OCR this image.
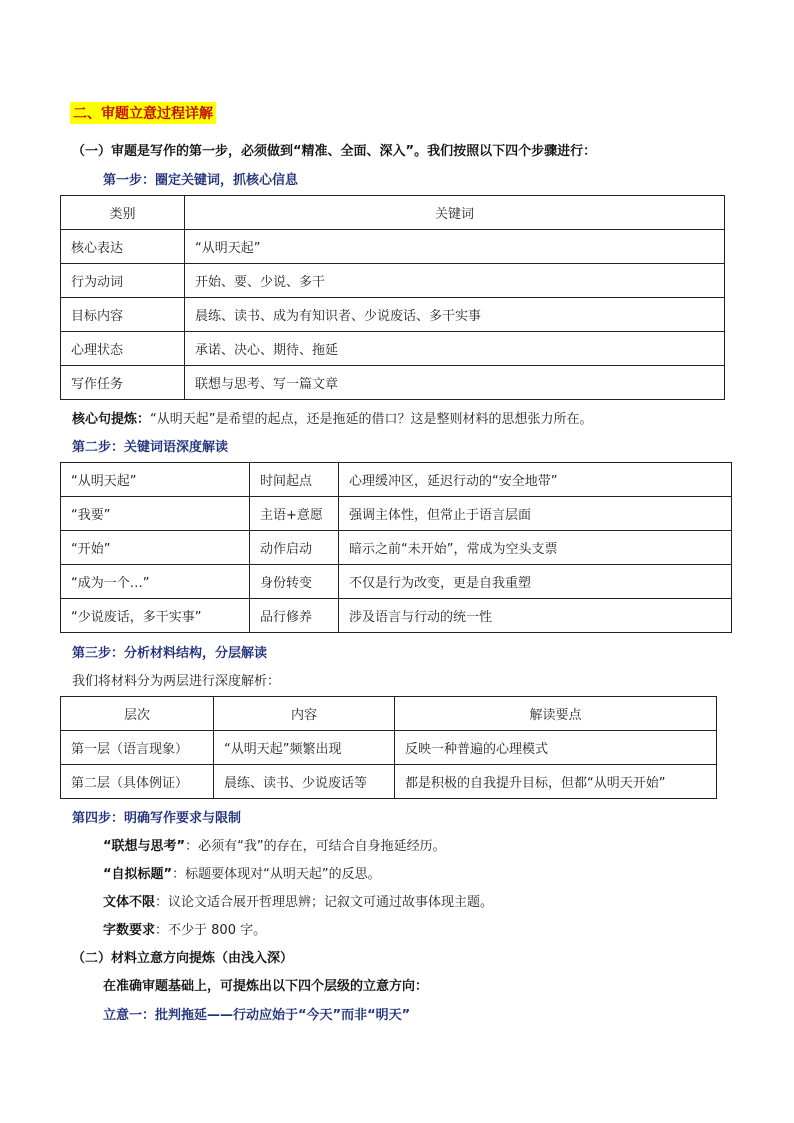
二、审题立意过程详解
（一）审题是写作的第一步，必须做到“精准、全面、深入”。我们按照以下四个步骤进行：
第一步：圈定关键词，抓核心信息
类别	关键词
核心表达	“从明天起”
行为动词	开始、要、少说、多干
目标内容	晨练、读书、成为有知识者、少说废话、多干实事
心理状态	承诺、决心、期待、拖延
写作任务	联想与思考、写一篇文章
核心句提炼：“从明天起”是希望的起点，还是拖延的借口？这是整则材料的思想张力所在。
第二步：关键词语深度解读
“从明天起”	时间起点	心理缓冲区，延迟行动的“安全地带”
“我要”	主语+意愿	强调主体性，但常止于语言层面
“开始”	动作启动	暗示之前“未开始”，常成为空头支票
“成为一个…”	身份转变	不仅是行为改变，更是自我重塑
“少说废话，多干实事”	品行修养	涉及语言与行动的统一性
第三步：分析材料结构，分层解读
我们将材料分为两层进行深度解析：
层次	内容	解读要点
第一层（语言现象）	“从明天起”频繁出现	反映一种普遍的心理模式
第二层（具体例证）	晨练、读书、少说废话等	都是积极的自我提升目标，但都“从明天开始”
第四步：明确写作要求与限制
“联想与思考”：必须有“我”的存在，可结合自身拖延经历。
“自拟标题”：标题要体现对“从明天起”的反思。
文体不限：议论文适合展开哲理思辨；记叙文可通过故事体现主题。
字数要求：不少于 800 字。
（二）材料立意方向提炼（由浅入深）
在准确审题基础上，可提炼出以下四个层级的立意方向：
立意一：批判拖延——行动应始于“今天”而非“明天”
